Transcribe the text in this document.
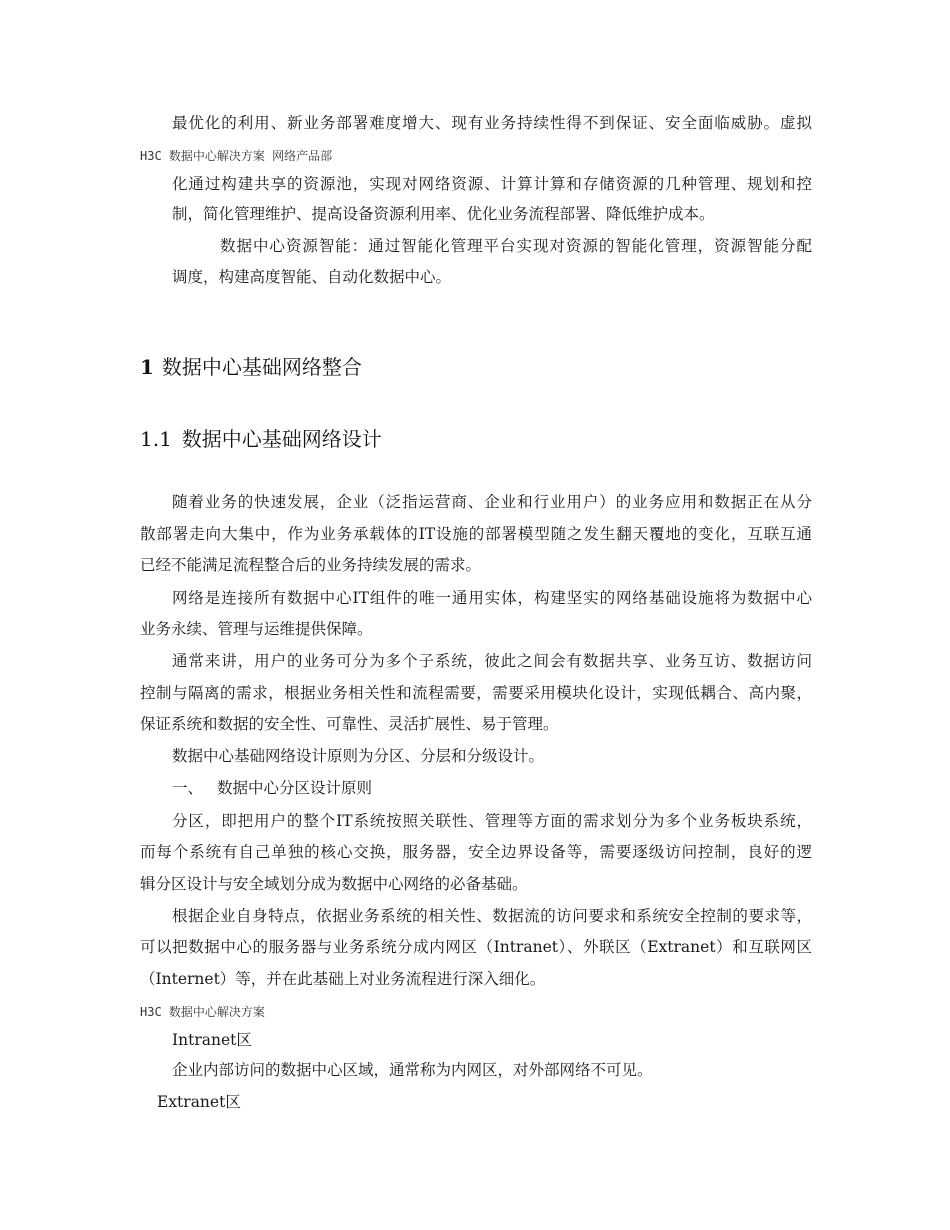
最优化的利用、新业务部署难度增大、现有业务持续性得不到保证、安全面临威胁。虚拟
H3C 数据中心解决方案 网络产品部
化通过构建共享的资源池，实现对网络资源、计算计算和存储资源的几种管理、规划和控
制，简化管理维护、提高设备资源利用率、优化业务流程部署、降低维护成本。
数据中心资源智能：通过智能化管理平台实现对资源的智能化管理，资源智能分配
调度，构建高度智能、自动化数据中心。
1 数据中心基础网络整合
1.1 数据中心基础网络设计
随着业务的快速发展，企业（泛指运营商、企业和行业用户）的业务应用和数据正在从分
散部署走向大集中，作为业务承载体的IT设施的部署模型随之发生翻天覆地的变化，互联互通
已经不能满足流程整合后的业务持续发展的需求。
网络是连接所有数据中心IT组件的唯一通用实体，构建坚实的网络基础设施将为数据中心
业务永续、管理与运维提供保障。
通常来讲，用户的业务可分为多个子系统，彼此之间会有数据共享、业务互访、数据访问
控制与隔离的需求，根据业务相关性和流程需要，需要采用模块化设计，实现低耦合、高内聚，
保证系统和数据的安全性、可靠性、灵活扩展性、易于管理。
数据中心基础网络设计原则为分区、分层和分级设计。
一、 数据中心分区设计原则
分区，即把用户的整个IT系统按照关联性、管理等方面的需求划分为多个业务板块系统，
而每个系统有自己单独的核心交换，服务器，安全边界设备等，需要逐级访问控制，良好的逻
辑分区设计与安全域划分成为数据中心网络的必备基础。
根据企业自身特点，依据业务系统的相关性、数据流的访问要求和系统安全控制的要求等，
可以把数据中心的服务器与业务系统分成内网区（Intranet）、外联区（Extranet）和互联网区
（Internet）等，并在此基础上对业务流程进行深入细化。
H3C 数据中心解决方案
Intranet区
企业内部访问的数据中心区域，通常称为内网区，对外部网络不可见。
Extranet区
